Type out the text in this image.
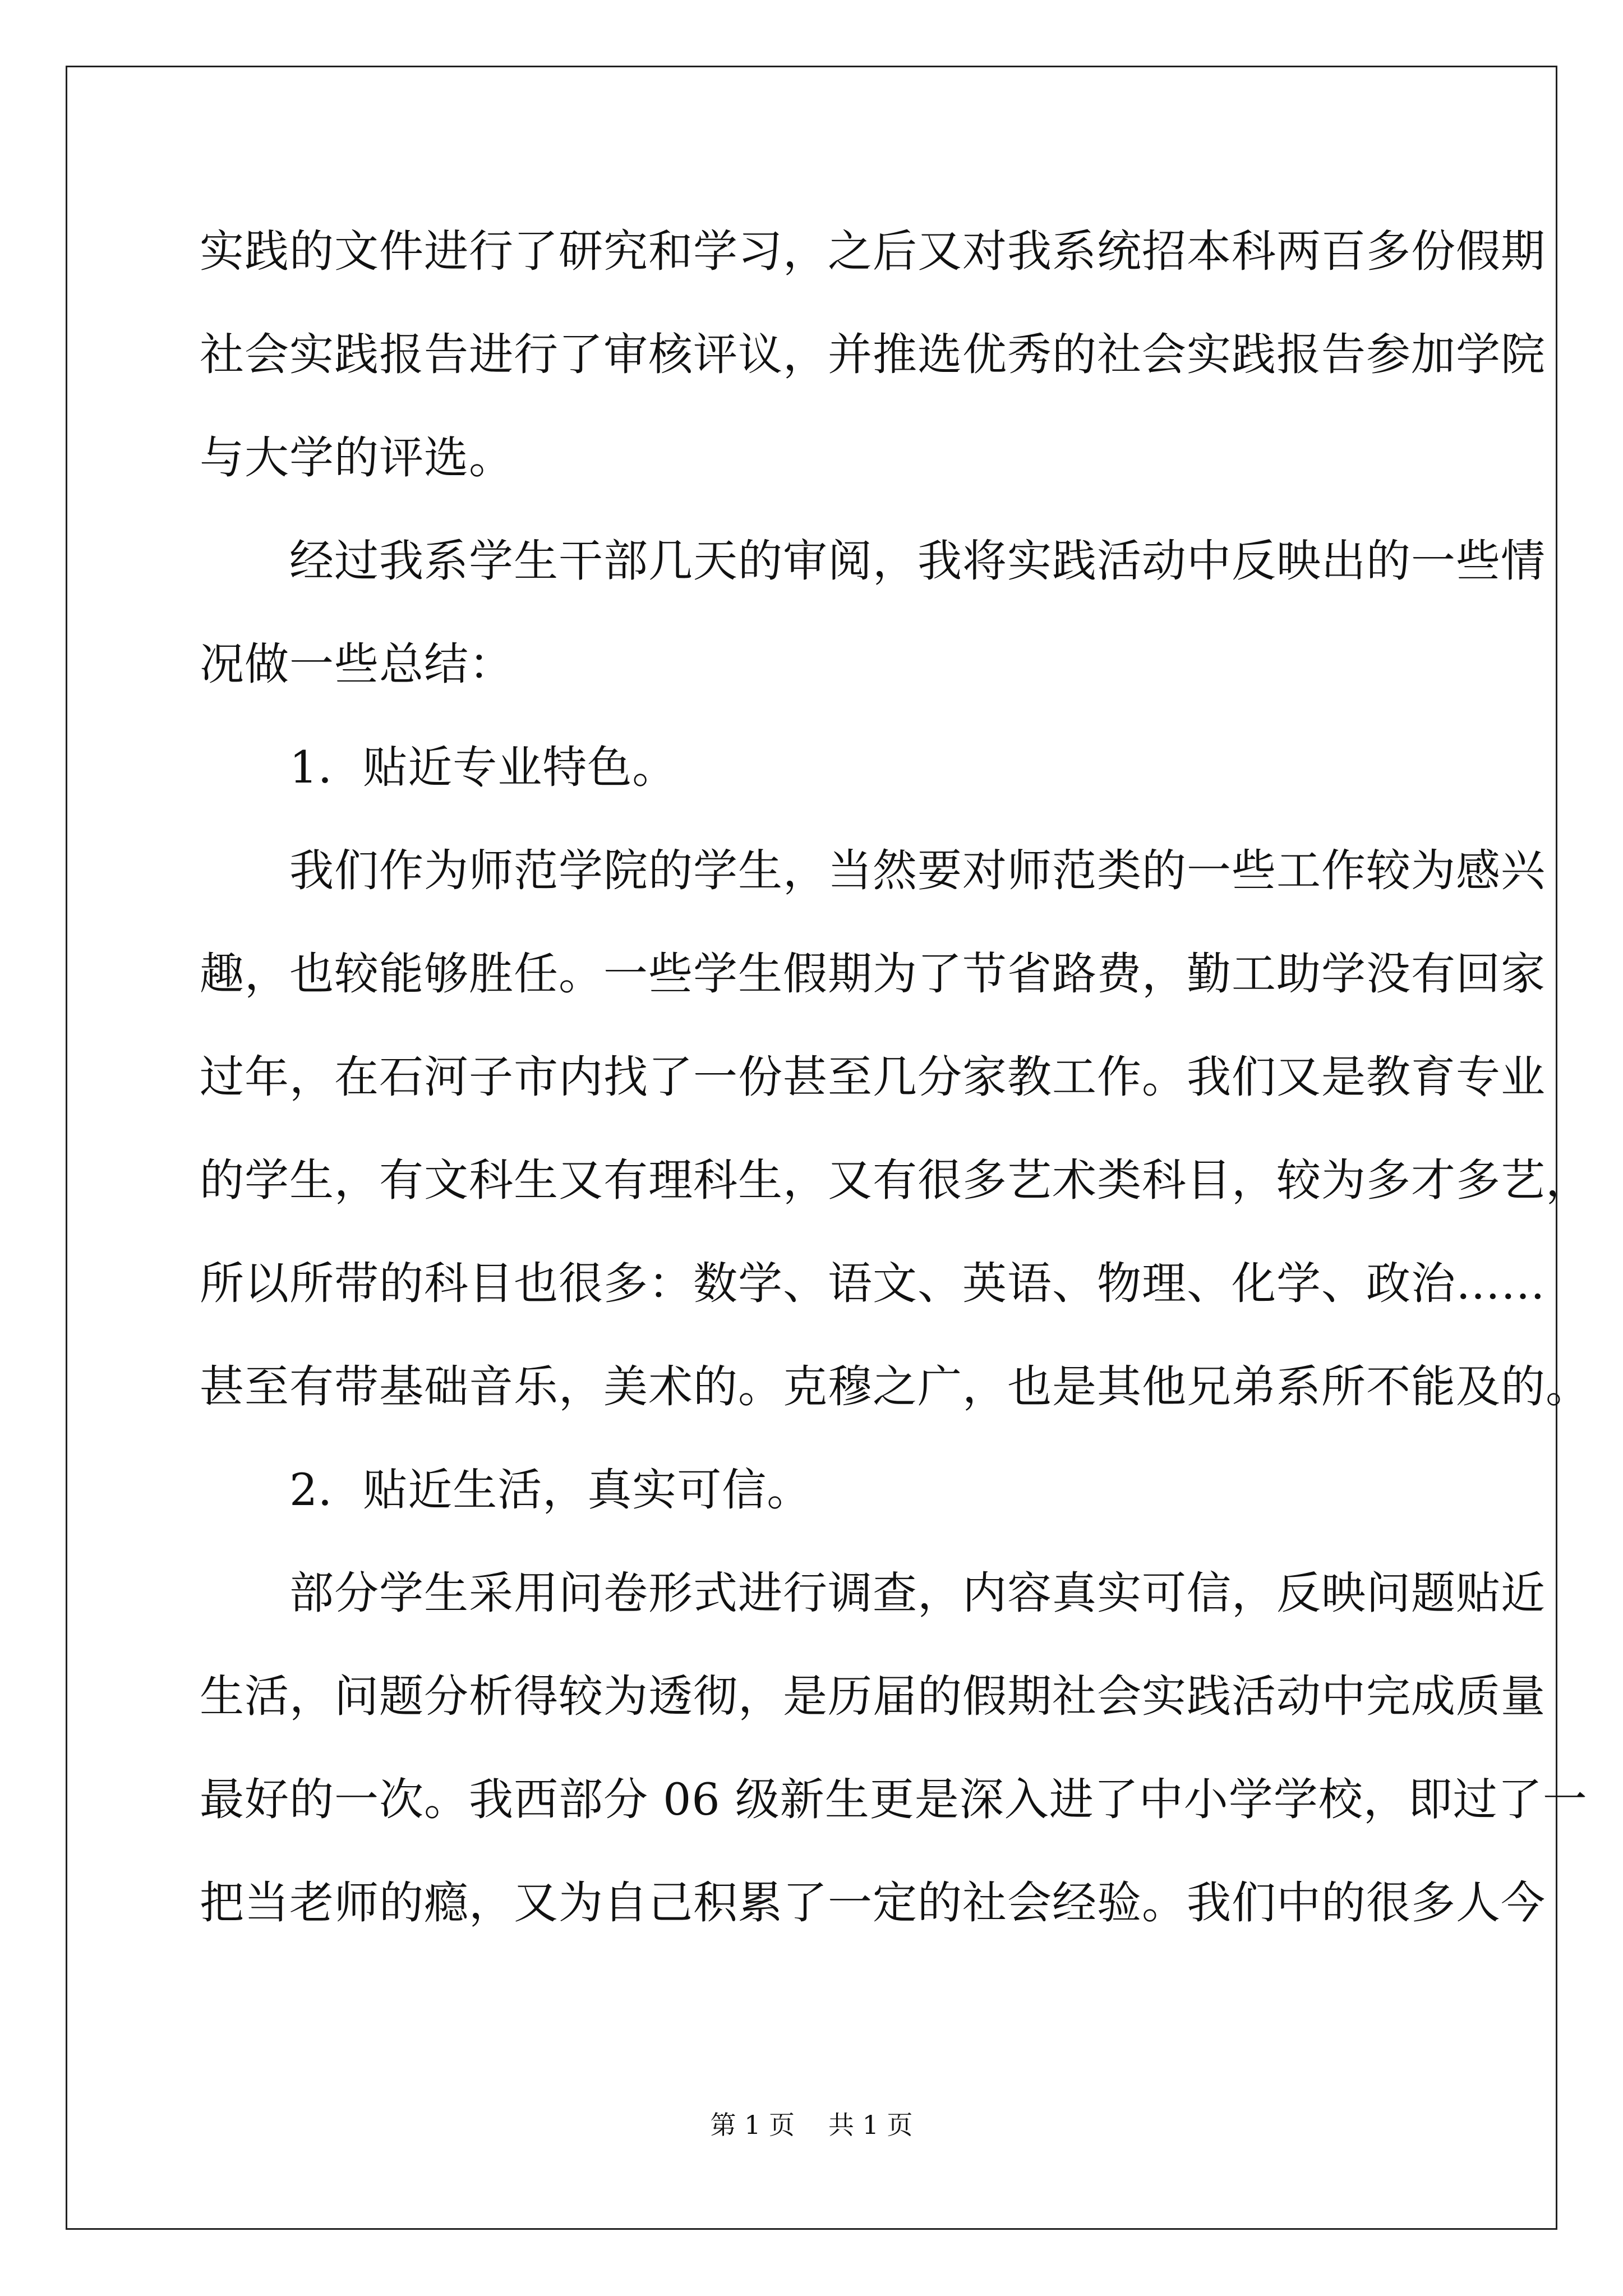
实践的文件进行了研究和学习，之后又对我系统招本科两百多份假期
社会实践报告进行了审核评议，并推选优秀的社会实践报告参加学院
与大学的评选。
　　经过我系学生干部几天的审阅，我将实践活动中反映出的一些情
况做一些总结：
　　1．贴近专业特色。
　　我们作为师范学院的学生，当然要对师范类的一些工作较为感兴
趣，也较能够胜任。一些学生假期为了节省路费，勤工助学没有回家
过年，在石河子市内找了一份甚至几分家教工作。我们又是教育专业
的学生，有文科生又有理科生，又有很多艺术类科目，较为多才多艺，
所以所带的科目也很多：数学、语文、英语、物理、化学、政治……
甚至有带基础音乐，美术的。克穆之广，也是其他兄弟系所不能及的。
　　2．贴近生活，真实可信。
　　部分学生采用问卷形式进行调查，内容真实可信，反映问题贴近
生活，问题分析得较为透彻，是历届的假期社会实践活动中完成质量
最好的一次。我西部分 06 级新生更是深入进了中小学学校，即过了一
把当老师的瘾，又为自己积累了一定的社会经验。我们中的很多人今
第 1 页 共 1 页
